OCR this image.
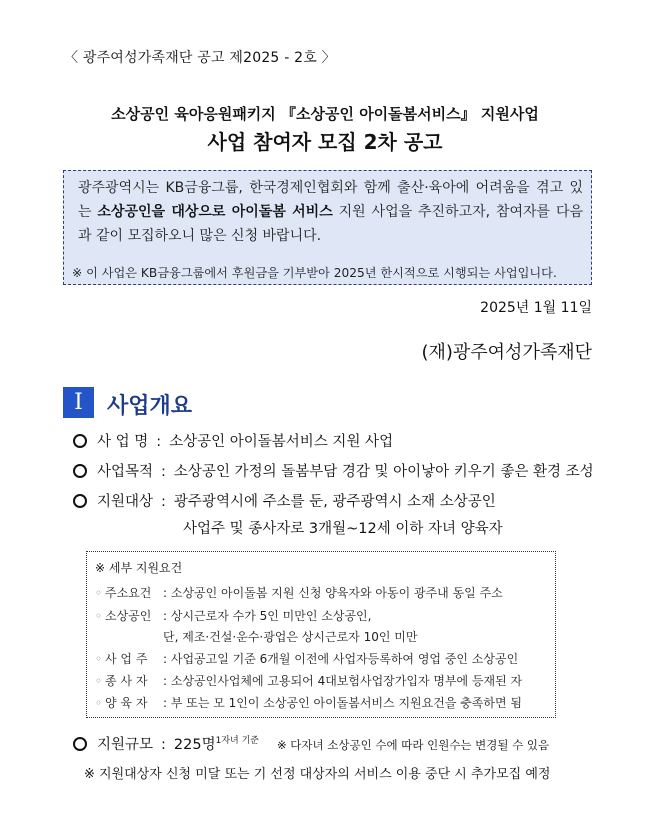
〈 광주여성가족재단 공고 제2025 - 2호 〉
소상공인 육아응원패키지 『소상공인 아이돌봄서비스』 지원사업
사업 참여자 모집 2차 공고
광주광역시는 KB금융그룹, 한국경제인협회와 함께 출산·육아에 어려움을 겪고 있는 소상공인을 대상으로 아이돌봄 서비스 지원 사업을 추진하고자, 참여자를 다음과 같이 모집하오니 많은 신청 바랍니다.
※ 이 사업은 KB금융그룹에서 후원금을 기부받아 2025년 한시적으로 시행되는 사업입니다.
2025년 1월 11일
(재)광주여성가족재단
I	사업개요
사 업 명 : 소상공인 아이돌봄서비스 지원 사업
사업목적 : 소상공인 가정의 돌봄부담 경감 및 아이낳아 키우기 좋은 환경 조성
지원대상 : 광주광역시에 주소를 둔, 광주광역시 소재 소상공인
사업주 및 종사자로 3개월~12세 이하 자녀 양육자
※ 세부 지원요건
◦ 주소요건 : 소상공인 아이돌봄 지원 신청 양육자와 아동이 광주내 동일 주소
◦ 소상공인 : 상시근로자 수가 5인 미만인 소상공인,
단, 제조·건설·운수·광업은 상시근로자 10인 미만
◦ 사 업 주 : 사업공고일 기준 6개월 이전에 사업자등록하여 영업 중인 소상공인
◦ 종 사 자 : 소상공인사업체에 고용되어 4대보험사업장가입자 명부에 등재된 자
◦ 양 육 자 : 부 또는 모 1인이 소상공인 아이돌봄서비스 지원요건을 충족하면 됨
지원규모 : 225명$^{1자녀 기준}$ ※ 다자녀 소상공인 수에 따라 인원수는 변경될 수 있음
※ 지원대상자 신청 미달 또는 기 선정 대상자의 서비스 이용 중단 시 추가모집 예정
